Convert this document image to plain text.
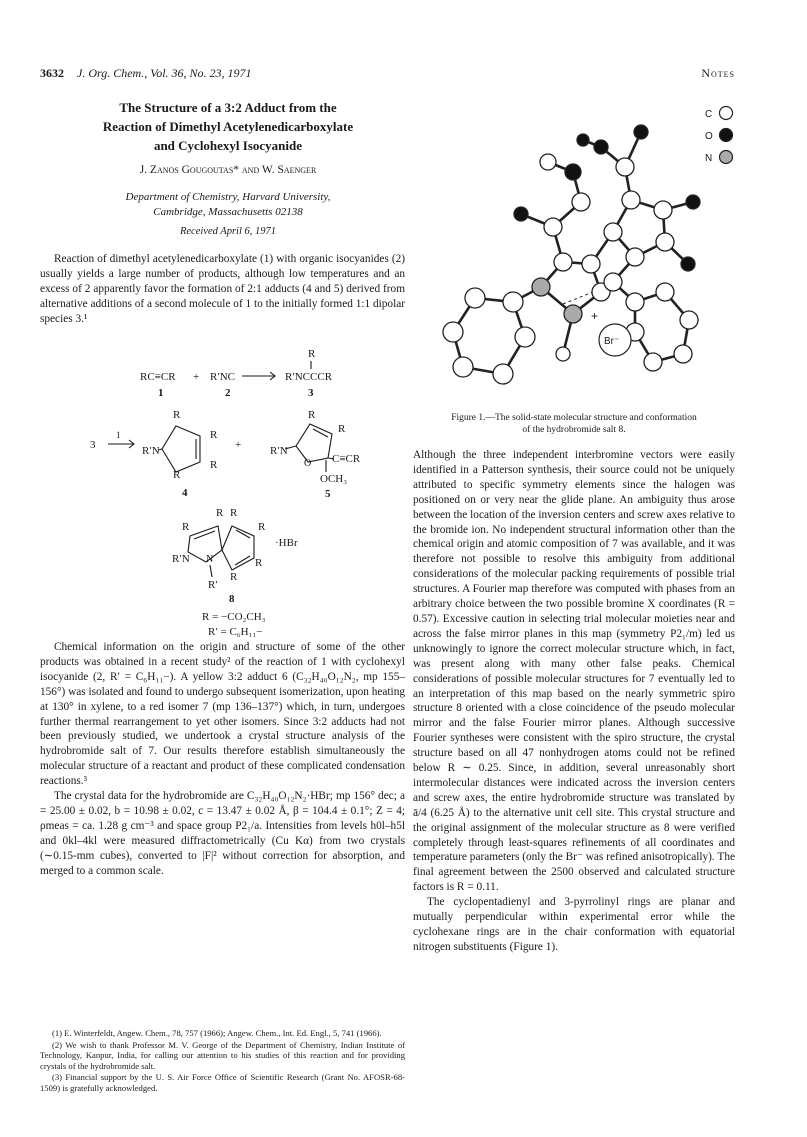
3632 J. Org. Chem., Vol. 36, No. 23, 1971	Notes
The Structure of a 3:2 Adduct from the
Reaction of Dimethyl Acetylenedicarboxylate
and Cyclohexyl Isocyanide
J. Zanos Gougoutas* and W. Saenger
Department of Chemistry, Harvard University,
Cambridge, Massachusetts 02138
Received April 6, 1971

Reaction of dimethyl acetylenedicarboxylate (1) with organic isocyanides (2) usually yields a large number of products, although low temperatures and an excess of 2 apparently favor the formation of 2:1 adducts (4 and 5) derived from alternative additions of a second molecule of 1 to the initially formed 1:1 dipolar species 3.¹

RC≡CR + R′NC	R′NCCCR
R
1	2	3
3
1
R′N
R
R
R
R
4
+	R′N
R
R
O C≡CR
OCH₃
5
R
R R
R
R′N N	R
R′
R
·HBr
8
R = −CO₂CH₃
R′ = C₆H₁₁−

Chemical information on the origin and structure of some of the other products was obtained in a recent study² of the reaction of 1 with cyclohexyl isocyanide (2, R′ = C₆H₁₁−). A yellow 3:2 adduct 6 (C₃₂H₄₀O₁₂N₂, mp 155–156°) was isolated and found to undergo subsequent isomerization, upon heating at 130° in xylene, to a red isomer 7 (mp 136–137°) which, in turn, undergoes further thermal rearrangement to yet other isomers. Since 3:2 adducts had not been previously studied, we undertook a crystal structure analysis of the hydrobromide salt of 7. Our results therefore establish simultaneously the molecular structure of a reactant and product of these complicated condensation reactions.³

The crystal data for the hydrobromide are C₃₂H₄₀O₁₂N₂·HBr; mp 156° dec; a = 25.00 ± 0.02, b = 10.98 ± 0.02, c = 13.47 ± 0.02 Å, β = 104.4 ± 0.1°; Z = 4; ρmeas = ca. 1.28 g cm⁻³ and space group P2₁/a. Intensities from levels h0l–h5l and 0kl–4kl were measured diffractometrically (Cu Kα) from two crystals (∼0.15-mm cubes), converted to |F|² without correction for absorption, and merged to a common scale.

(1) E. Winterfeldt, Angew. Chem., 78, 757 (1966); Angew. Chem., Int. Ed. Engl., 5, 741 (1966).

(2) We wish to thank Professor M. V. George of the Department of Chemistry, Indian Institute of Technology, Kanpur, India, for calling our attention to his studies of this reaction and for providing crystals of the hydrobromide salt.

(3) Financial support by the U. S. Air Force Office of Scientific Research (Grant No. AFOSR-68-1509) is gratefully acknowledged.

+
Br⁻
C
O
N
Figure 1.—The solid-state molecular structure and conformation
of the hydrobromide salt 8.

Although the three independent interbromine vectors were easily identified in a Patterson synthesis, their source could not be uniquely attributed to specific symmetry elements since the halogen was positioned on or very near the glide plane. An ambiguity thus arose between the location of the inversion centers and screw axes relative to the bromide ion. No independent structural information other than the chemical origin and atomic composition of 7 was available, and it was therefore not possible to resolve this ambiguity from additional considerations of the molecular packing requirements of possible trial structures. A Fourier map therefore was computed with phases from an arbitrary choice between the two possible bromine X coordinates (R = 0.57). Excessive caution in selecting trial molecular moieties near and across the false mirror planes in this map (symmetry P2₁/m) led us unknowingly to ignore the correct molecular structure which, in fact, was present along with many other false peaks. Chemical considerations of possible molecular structures for 7 eventually led to an interpretation of this map based on the nearly symmetric spiro structure 8 oriented with a close coincidence of the pseudo molecular mirror and the false Fourier mirror planes. Although successive Fourier syntheses were consistent with the spiro structure, the crystal structure based on all 47 nonhydrogen atoms could not be refined below R ∼ 0.25. Since, in addition, several unreasonably short intermolecular distances were indicated across the inversion centers and screw axes, the entire hydrobromide structure was translated by ā/4 (6.25 Å) to the alternative unit cell site. This crystal structure and the original assignment of the molecular structure as 8 were verified completely through least-squares refinements of all coordinates and temperature parameters (only the Br⁻ was refined anisotropically). The final agreement between the 2500 observed and calculated structure factors is R = 0.11.

The cyclopentadienyl and 3-pyrrolinyl rings are planar and mutually perpendicular within experimental error while the cyclohexane rings are in the chair conformation with equatorial nitrogen substituents (Figure 1).
